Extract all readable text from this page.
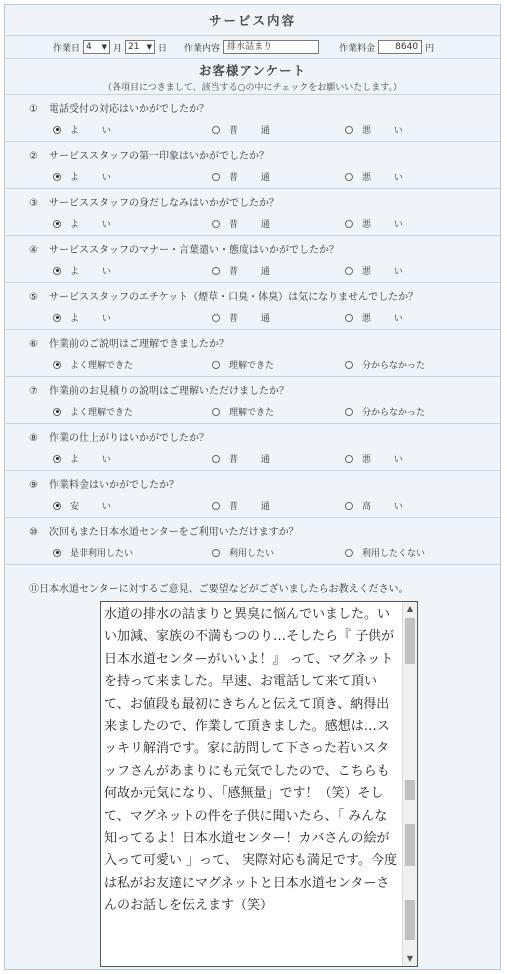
サービス内容
作業日 4 ▼ 月 21 ▼ 日 作業内容 排水詰まり	作業料金	8640 円
お客様アンケート
（各項目につきまして、該当する○の中にチェックをお願いいたします。）
① 電話受付の対応はいかがでしたか？
よ い	普 通	悪 い
② サービススタッフの第一印象はいかがでしたか？
よ い	普 通	悪 い
③ サービススタッフの身だしなみはいかがでしたか？
よ い	普 通	悪 い
④ サービススタッフのマナー・言葉遣い・態度はいかがでしたか？
よ い	普 通	悪 い
⑤ サービススタッフのエチケット（煙草・口臭・体臭）は気になりませんでしたか？
よ い	普 通	悪 い
⑥ 作業前のご説明はご理解できましたか？
よく理解できた	理解できた	分からなかった
⑦ 作業前のお見積りの説明はご理解いただけましたか？
よく理解できた	理解できた	分からなかった
⑧ 作業の仕上がりはいかがでしたか？
よ い	普 通	悪 い
⑨ 作業料金はいかがでしたか？
安 い	普 通	高 い
⑩ 次回もまた日本水道センターをご利用いただけますか？
是非利用したい	利用したい	利用したくない
⑪日本水道センターに対するご意見、ご要望などがございましたらお教えください。
水道の排水の詰まりと異臭に悩んでいました。いい加減、家族の不満もつのり…そしたら『 子供が日本水道センターがいいよ！』 って、マグネットを持って来ました。早速、お電話して来て頂いて、お値段も最初にきちんと伝えて頂き、納得出来ましたので、作業して頂きました。感想は…スッキリ解消です。家に訪問して下さった若いスタッフさんがあまりにも元気でしたので、こちらも何故か元気になり、「感無量」です！（笑）そして、マグネットの件を子供に聞いたら、「 みんな知ってるよ！日本水道センター！カバさんの絵が入って可愛い 」って、 実際対応も満足です。今度は私がお友達にマグネットと日本水道センターさんのお話しを伝えます（笑）
▲
▼
